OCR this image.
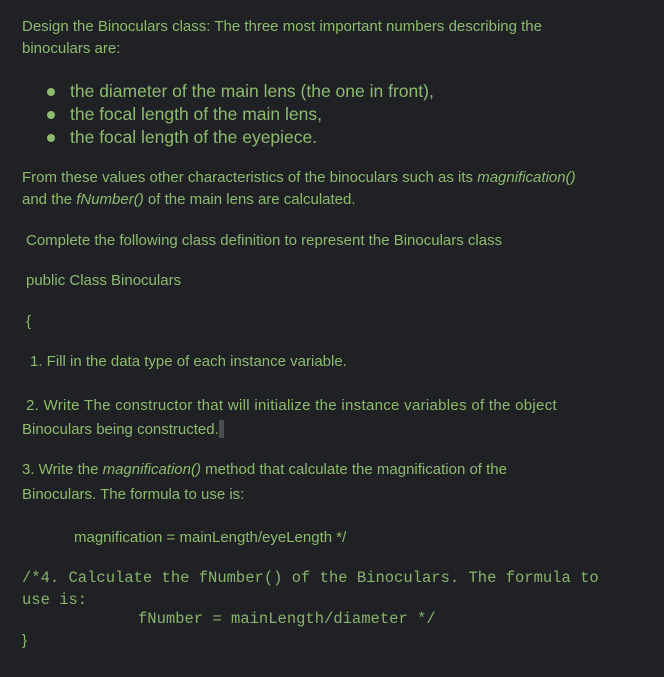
Design the Binoculars class: The three most important numbers describing the
binoculars are:
the diameter of the main lens (the one in front),
the focal length of the main lens,
the focal length of the eyepiece.
From these values other characteristics of the binoculars such as its magnification()
and the fNumber() of the main lens are calculated.
Complete the following class definition to represent the Binoculars class
public Class Binoculars
{
1. Fill in the data type of each instance variable.
2. Write The constructor that will initialize the instance variables of the object
Binoculars being constructed.
3. Write the magnification() method that calculate the magnification of the
Binoculars. The formula to use is:
magnification = mainLength/eyeLength */
/*4. Calculate the fNumber() of the Binoculars. The formula to
use is:
fNumber = mainLength/diameter */
}
